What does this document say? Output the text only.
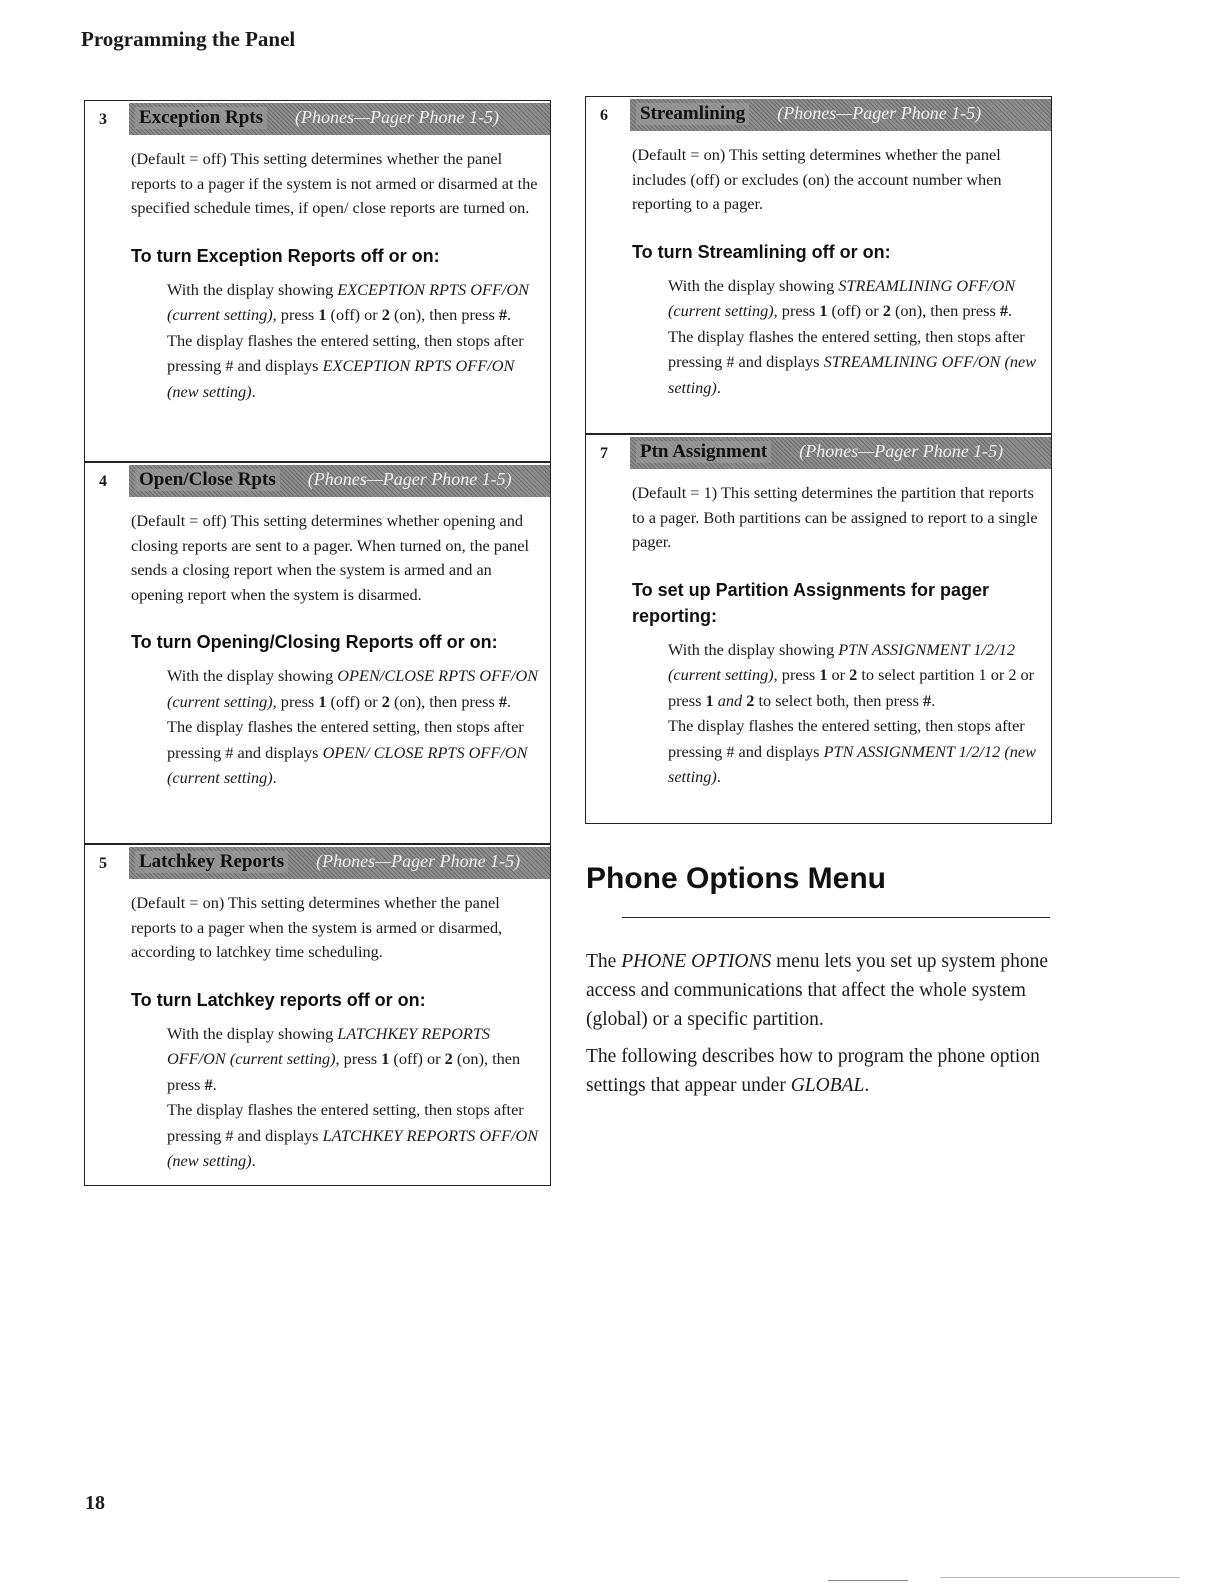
Programming the Panel
3	Exception Rpts (Phones—Pager Phone 1-5)

(Default = off) This setting determines whether the panel reports to a pager if the system is not armed or disarmed at the specified schedule times, if open/ close reports are turned on.

To turn Exception Reports off or on:

With the display showing EXCEPTION RPTS OFF/ON (current setting), press 1 (off) or 2 (on), then press #.

The display flashes the entered setting, then stops after pressing # and displays EXCEPTION RPTS OFF/ON (new setting).

4	Open/Close Rpts (Phones—Pager Phone 1-5)

(Default = off) This setting determines whether opening and closing reports are sent to a pager. When turned on, the panel sends a closing report when the system is armed and an opening report when the system is disarmed.

To turn Opening/Closing Reports off or on:

With the display showing OPEN/CLOSE RPTS OFF/ON (current setting), press 1 (off) or 2 (on), then press #.

The display flashes the entered setting, then stops after pressing # and displays OPEN/ CLOSE RPTS OFF/ON (current setting).

5	Latchkey Reports (Phones—Pager Phone 1-5)

(Default = on) This setting determines whether the panel reports to a pager when the system is armed or disarmed, according to latchkey time scheduling.

To turn Latchkey reports off or on:

With the display showing LATCHKEY REPORTS OFF/ON (current setting), press 1 (off) or 2 (on), then press #.

The display flashes the entered setting, then stops after pressing # and displays LATCHKEY REPORTS OFF/ON (new setting).

6	Streamlining (Phones—Pager Phone 1-5)

(Default = on) This setting determines whether the panel includes (off) or excludes (on) the account number when reporting to a pager.

To turn Streamlining off or on:

With the display showing STREAMLINING OFF/ON (current setting), press 1 (off) or 2 (on), then press #.

The display flashes the entered setting, then stops after pressing # and displays STREAMLINING OFF/ON (new setting).

7	Ptn Assignment (Phones—Pager Phone 1-5)

(Default = 1) This setting determines the partition that reports to a pager. Both partitions can be assigned to report to a single pager.

To set up Partition Assignments for pager reporting:

With the display showing PTN ASSIGNMENT 1/2/12 (current setting), press 1 or 2 to select partition 1 or 2 or press 1 and 2 to select both, then press #.

The display flashes the entered setting, then stops after pressing # and displays PTN ASSIGNMENT 1/2/12 (new setting).

Phone Options Menu

The PHONE OPTIONS menu lets you set up system phone access and communications that affect the whole system (global) or a specific partition.

The following describes how to program the phone option settings that appear under GLOBAL.

18
